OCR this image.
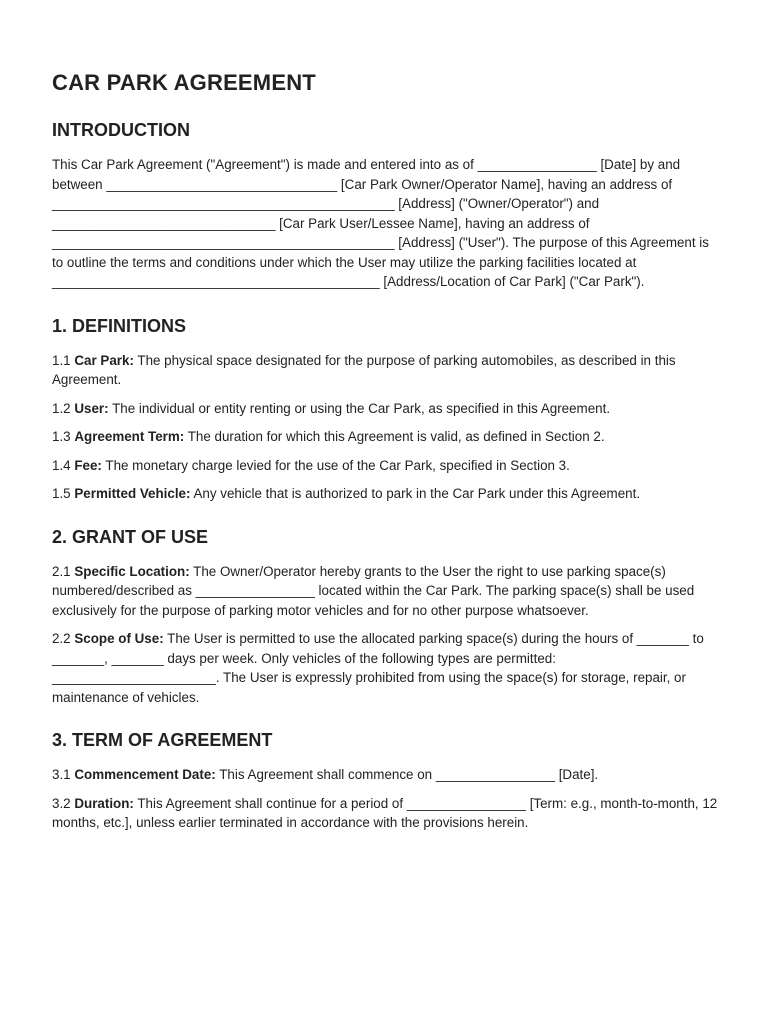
CAR PARK AGREEMENT
INTRODUCTION

This Car Park Agreement ("Agreement") is made and entered into as of ________________ [Date] by and between _______________________________ [Car Park Owner/Operator Name], having an address of ______________________________________________ [Address] ("Owner/Operator") and ______________________________ [Car Park User/Lessee Name], having an address of ______________________________________________ [Address] ("User"). The purpose of this Agreement is to outline the terms and conditions under which the User may utilize the parking facilities located at ____________________________________________ [Address/Location of Car Park] ("Car Park").

1. DEFINITIONS

1.1 Car Park: The physical space designated for the purpose of parking automobiles, as described in this Agreement.

1.2 User: The individual or entity renting or using the Car Park, as specified in this Agreement.

1.3 Agreement Term: The duration for which this Agreement is valid, as defined in Section 2.

1.4 Fee: The monetary charge levied for the use of the Car Park, specified in Section 3.

1.5 Permitted Vehicle: Any vehicle that is authorized to park in the Car Park under this Agreement.

2. GRANT OF USE

2.1 Specific Location: The Owner/Operator hereby grants to the User the right to use parking space(s) numbered/described as ________________ located within the Car Park. The parking space(s) shall be used exclusively for the purpose of parking motor vehicles and for no other purpose whatsoever.

2.2 Scope of Use: The User is permitted to use the allocated parking space(s) during the hours of _______ to _______, _______ days per week. Only vehicles of the following types are permitted: ______________________. The User is expressly prohibited from using the space(s) for storage, repair, or maintenance of vehicles.

3. TERM OF AGREEMENT

3.1 Commencement Date: This Agreement shall commence on ________________ [Date].

3.2 Duration: This Agreement shall continue for a period of ________________ [Term: e.g., month-to-month, 12 months, etc.], unless earlier terminated in accordance with the provisions herein.
